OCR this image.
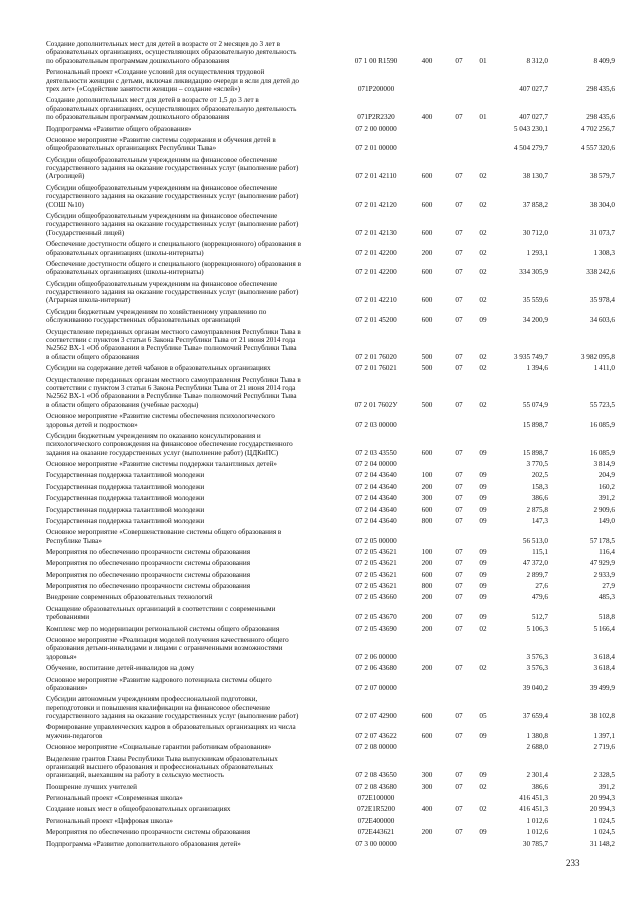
Создание дополнительных мест для детей в возрасте от 2 месяцев до 3 лет в
образовательных организациях, осуществляющих образовательную деятельность
по образовательным программам дошкольного образования	07 1 00 R1590	400	07	01	8 312,0	8 409,9
Региональный проект «Создание условий для осуществления трудовой
деятельности женщин с детьми, включая ликвидацию очереди в ясли для детей до
трех лет» («Содействие занятости женщин – создание «яслей»)	071P200000	407 027,7	298 435,6
Создание дополнительных мест для детей в возрасте от 1,5 до 3 лет в
образовательных организациях, осуществляющих образовательную деятельность
по образовательным программам дошкольного образования	071P2R2320	400	07	01	407 027,7	298 435,6
Подпрограмма «Развитие общего образования»	07 2 00 00000	5 043 230,1	4 702 256,7
Основное мероприятие «Развитие системы содержания и обучения детей в
общеобразовательных организациях Республики Тыва»	07 2 01 00000	4 504 279,7	4 557 320,6
Субсидии общеобразовательным учреждениям на финансовое обеспечение
государственного задания на оказание государственных услуг (выполнение работ)
(Агролицей)	07 2 01 42110	600	07	02	38 130,7	38 579,7
Субсидии общеобразовательным учреждениям на финансовое обеспечение
государственного задания на оказание государственных услуг (выполнение работ)
(СОШ №10)	07 2 01 42120	600	07	02	37 858,2	38 304,0
Субсидии общеобразовательным учреждениям на финансовое обеспечение
государственного задания на оказание государственных услуг (выполнение работ)
(Государственный лицей)	07 2 01 42130	600	07	02	30 712,0	31 073,7
Обеспечение доступности общего и специального (коррекционного) образования в
образовательных организациях (школы-интернаты)	07 2 01 42200	200	07	02	1 293,1	1 308,3
Обеспечение доступности общего и специального (коррекционного) образования в
образовательных организациях (школы-интернаты)	07 2 01 42200	600	07	02	334 305,9	338 242,6
Субсидии общеобразовательным учреждениям на финансовое обеспечение
государственного задания на оказание государственных услуг (выполнение работ)
(Аграрная школа-интернат)	07 2 01 42210	600	07	02	35 559,6	35 978,4
Субсидии бюджетным учреждениям по хозяйственному управлению по
обслуживанию государственных образовательных организаций	07 2 01 45200	600	07	09	34 200,9	34 603,6
Осуществление переданных органам местного самоуправления Республики Тыва в
соответствии с пунктом 3 статьи 6 Закона Республики Тыва от 21 июня 2014 года
№2562 ВХ-1 «Об образовании в Республике Тыва» полномочий Республики Тыва
в области общего образования	07 2 01 76020	500	07	02	3 935 749,7	3 982 095,8
Субсидии на содержание детей чабанов в образовательных организациях	07 2 01 76021	500	07	02	1 394,6	1 411,0
Осуществление переданных органам местного самоуправления Республики Тыва в
соответствии с пунктом 3 статьи 6 Закона Республики Тыва от 21 июня 2014 года
№2562 ВХ-1 «Об образовании в Республике Тыва» полномочий Республики Тыва
в области общего образования (учебные расходы)	07 2 01 7602У	500	07	02	55 074,9	55 723,5
Основное мероприятие «Развитие системы обеспечения психологического
здоровья детей и подростков»	07 2 03 00000	15 898,7	16 085,9
Субсидии бюджетным учреждениям по оказанию консультирования и
психологического сопровождения на финансовое обеспечение государственного
задания на оказание государственных услуг (выполнение работ) (ЦДКиПС)	07 2 03 43550	600	07	09	15 898,7	16 085,9
Основное мероприятие «Развитие системы поддержки талантливых детей»	07 2 04 00000	3 770,5	3 814,9
Государственная поддержка талантливой молодежи	07 2 04 43640	100	07	09	202,5	204,9
Государственная поддержка талантливой молодежи	07 2 04 43640	200	07	09	158,3	160,2
Государственная поддержка талантливой молодежи	07 2 04 43640	300	07	09	386,6	391,2
Государственная поддержка талантливой молодежи	07 2 04 43640	600	07	09	2 875,8	2 909,6
Государственная поддержка талантливой молодежи	07 2 04 43640	800	07	09	147,3	149,0
Основное мероприятие «Совершенствование системы общего образования в
Республике Тыва»	07 2 05 00000	56 513,0	57 178,5
Мероприятия по обеспечению прозрачности системы образования	07 2 05 43621	100	07	09	115,1	116,4
Мероприятия по обеспечению прозрачности системы образования	07 2 05 43621	200	07	09	47 372,0	47 929,9
Мероприятия по обеспечению прозрачности системы образования	07 2 05 43621	600	07	09	2 899,7	2 933,9
Мероприятия по обеспечению прозрачности системы образования	07 2 05 43621	800	07	09	27,6	27,9
Внедрение современных образовательных технологий	07 2 05 43660	200	07	09	479,6	485,3
Оснащение образовательных организаций в соответствии с современными
требованиями	07 2 05 43670	200	07	09	512,7	518,8
Комплекс мер по модернизации региональной системы общего образования	07 2 05 43690	200	07	02	5 106,3	5 166,4
Основное мероприятие «Реализация моделей получения качественного общего
образования детьми-инвалидами и лицами с ограниченными возможностями
здоровья»	07 2 06 00000	3 576,3	3 618,4
Обучение, воспитание детей-инвалидов на дому	07 2 06 43680	200	07	02	3 576,3	3 618,4
Основное мероприятие «Развитие кадрового потенциала системы общего
образования»	07 2 07 00000	39 040,2	39 499,9
Субсидии автономным учреждениям профессиональной подготовки,
переподготовки и повышения квалификации на финансовое обеспечение
государственного задания на оказание государственных услуг (выполнение работ)	07 2 07 42900	600	07	05	37 659,4	38 102,8
Формирование управленческих кадров в образовательных организациях из числа
мужчин-педагогов	07 2 07 43622	600	07	09	1 380,8	1 397,1
Основное мероприятие «Социальные гарантии работникам образования»	07 2 08 00000	2 688,0	2 719,6
Выделение грантов Главы Республики Тыва выпускникам образовательных
организаций высшего образования и профессиональных образовательных
организаций, выехавшим на работу в сельскую местность	07 2 08 43650	300	07	09	2 301,4	2 328,5
Поощрение лучших учителей	07 2 08 43680	300	07	02	386,6	391,2
Региональный проект «Современная школа»	072E100000	416 451,3	20 994,3
Создание новых мест в общеобразовательных организациях	072E1R5200	400	07	02	416 451,3	20 994,3
Региональный проект «Цифровая школа»	072E400000	1 012,6	1 024,5
Мероприятия по обеспечению прозрачности системы образования	072E443621	200	07	09	1 012,6	1 024,5
Подпрограмма «Развитие дополнительного образования детей»	07 3 00 00000	30 785,7	31 148,2
233
